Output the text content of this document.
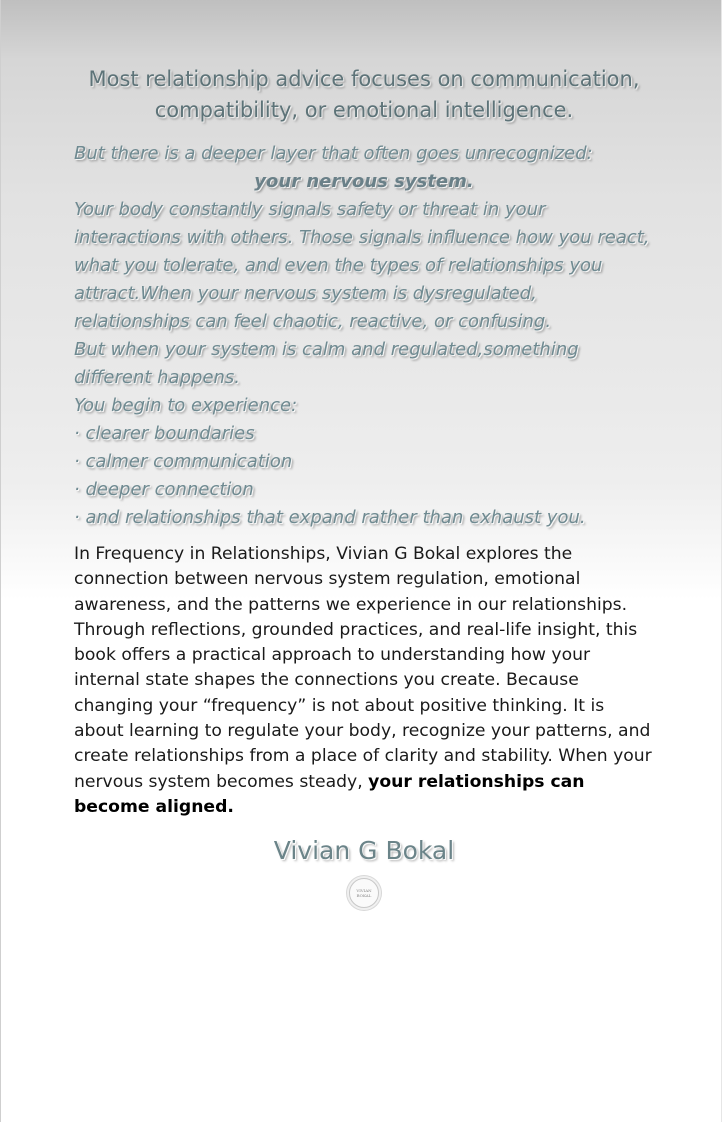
Most relationship advice focuses on communication, compatibility, or emotional intelligence.

But there is a deeper layer that often goes unrecognized:

your nervous system.

Your body constantly signals safety or threat in your interactions with others. Those signals influence how you react, what you tolerate, and even the types of relationships you attract.When your nervous system is dysregulated, relationships can feel chaotic, reactive, or confusing.

But when your system is calm and regulated,something different happens.

You begin to experience:

· clearer boundaries

· calmer communication

· deeper connection

· and relationships that expand rather than exhaust you.

In Frequency in Relationships, Vivian G Bokal explores the connection between nervous system regulation, emotional awareness, and the patterns we experience in our relationships. Through reflections, grounded practices, and real-life insight, this book offers a practical approach to understanding how your internal state shapes the connections you create. Because changing your “frequency” is not about positive thinking. It is about learning to regulate your body, recognize your patterns, and create relationships from a place of clarity and stability. When your nervous system becomes steady, your relationships can become aligned.
Vivian G Bokal
VIVIAN
BOKAL
